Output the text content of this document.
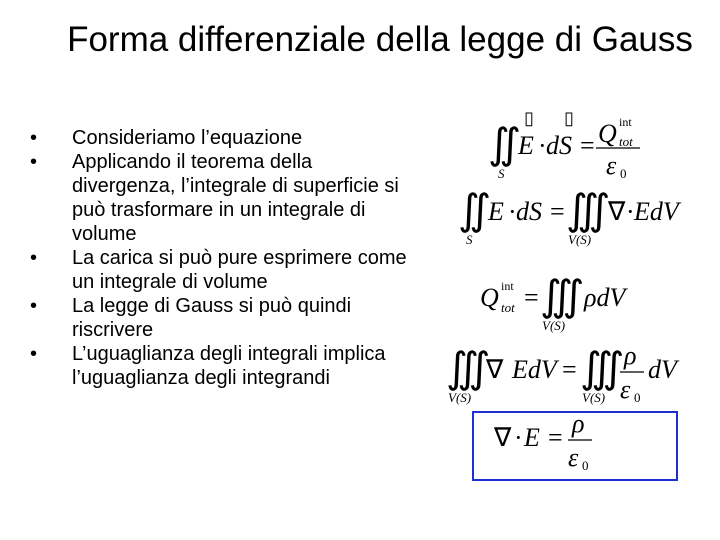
Forma differenziale della legge di Gauss
• Consideriamo l’equazione
• Applicando il teorema della divergenza, l’integrale di superficie si può trasformare in un integrale di volume
• La carica si può pure esprimere come un integrale di volume
• La legge di Gauss si può quindi riscrivere
• L’uguaglianza degli integrali implica l’uguaglianza degli integrandi
▯ ▯
∬
S
E · dS = Q int
tot
ε 0
∬
S
E · dS = ∭
V(S)
∇ · EdV
Q int
tot = ∭
V(S)
ρdV
∭
V(S)
∇ EdV = ∭
V(S)
ρ
ε 0
dV
∇ · E = ρ
ε 0
